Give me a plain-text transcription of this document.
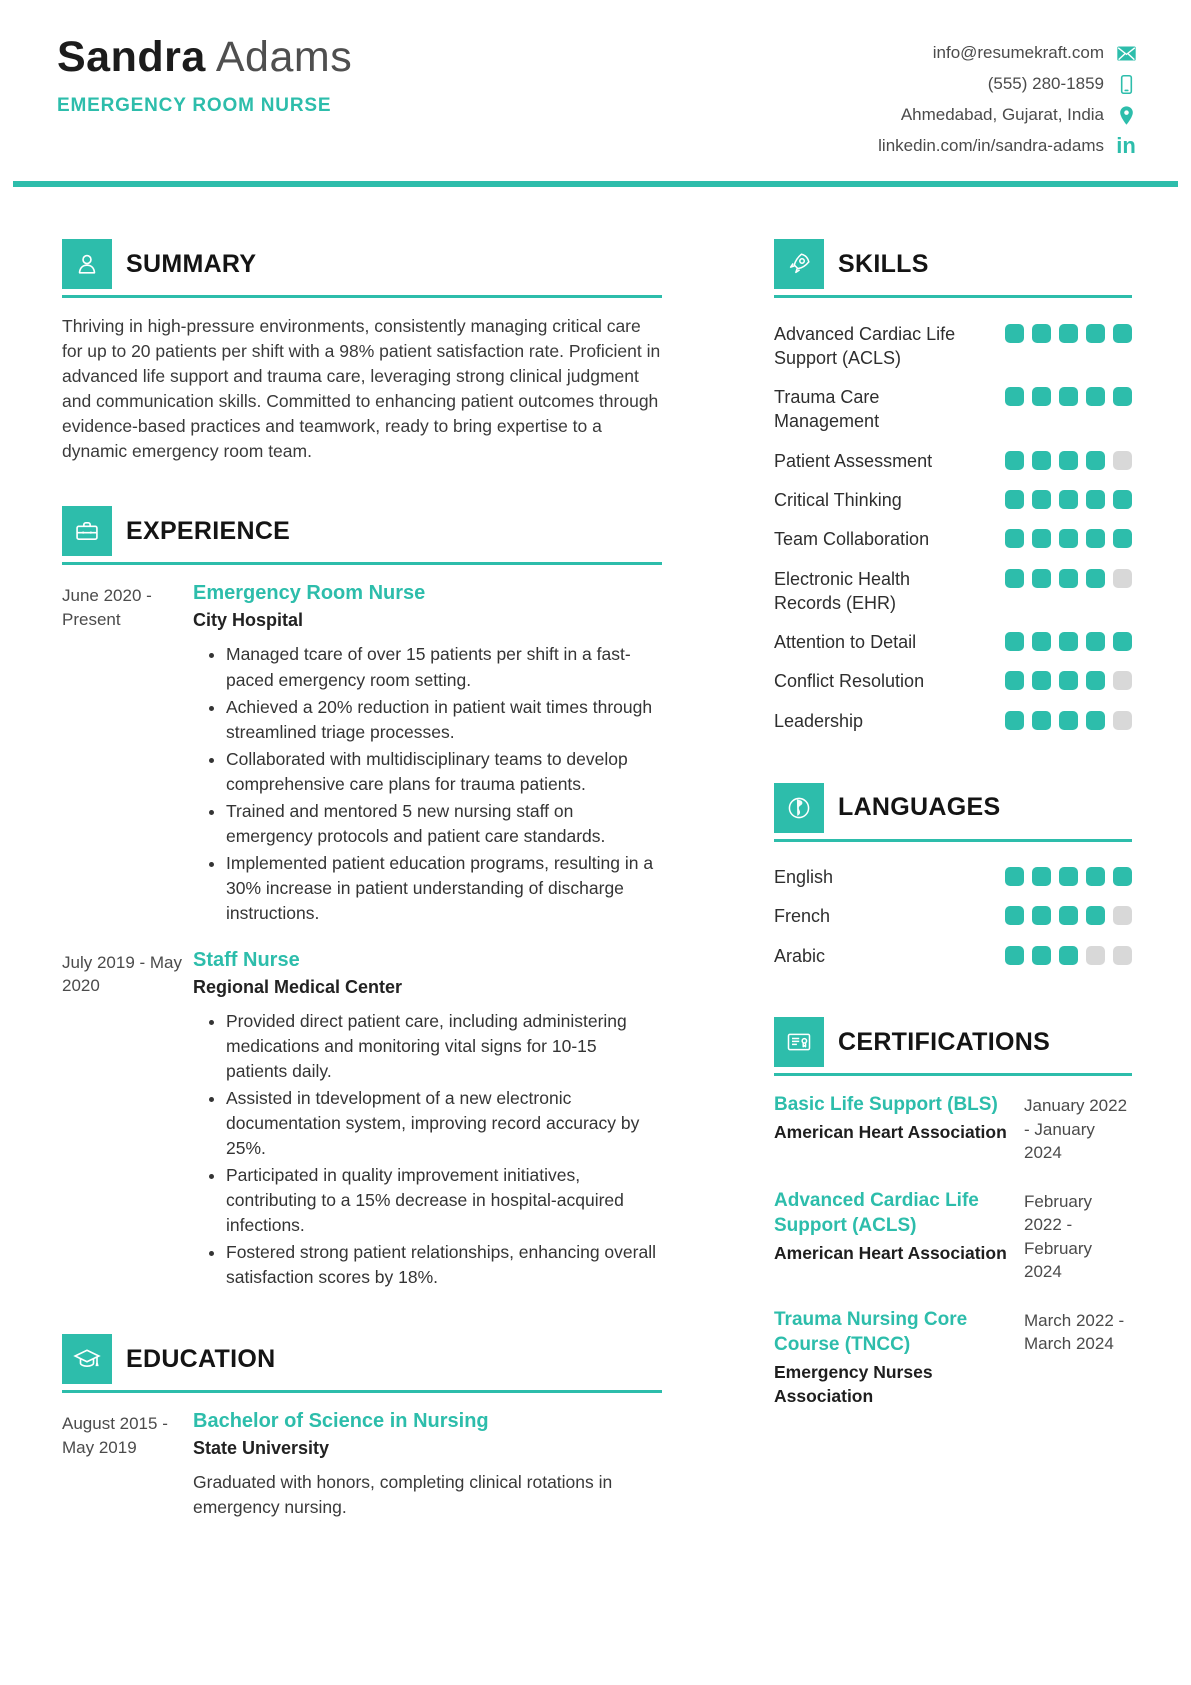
Sandra Adams
EMERGENCY ROOM NURSE
info@resumekraft.com
(555) 280-1859
Ahmedabad, Gujarat, India
linkedin.com/in/sandra-adams in
SUMMARY

Thriving in high-pressure environments, consistently managing critical care for up to 20 patients per shift with a 98% patient satisfaction rate. Proficient in advanced life support and trauma care, leveraging strong clinical judgment and communication skills. Committed to enhancing patient outcomes through evidence-based practices and teamwork, ready to bring expertise to a dynamic emergency room team.

EXPERIENCE
June 2020 - Present
Emergency Room Nurse
City Hospital
• Managed tcare of over 15 patients per shift in a fast-paced emergency room setting.
• Achieved a 20% reduction in patient wait times through streamlined triage processes.
• Collaborated with multidisciplinary teams to develop comprehensive care plans for trauma patients.
• Trained and mentored 5 new nursing staff on emergency protocols and patient care standards.
• Implemented patient education programs, resulting in a 30% increase in patient understanding of discharge instructions.
July 2019 - May 2020
Staff Nurse
Regional Medical Center
• Provided direct patient care, including administering medications and monitoring vital signs for 10-15 patients daily.
• Assisted in tdevelopment of a new electronic documentation system, improving record accuracy by 25%.
• Participated in quality improvement initiatives, contributing to a 15% decrease in hospital-acquired infections.
• Fostered strong patient relationships, enhancing overall satisfaction scores by 18%.
EDUCATION
August 2015 - May 2019
Bachelor of Science in Nursing
State University
Graduated with honors, completing clinical rotations in emergency nursing.
SKILLS
Advanced Cardiac Life Support (ACLS)
Trauma Care Management
Patient Assessment
Critical Thinking
Team Collaboration
Electronic Health Records (EHR)
Attention to Detail
Conflict Resolution
Leadership
LANGUAGES
English
French
Arabic
CERTIFICATIONS
Basic Life Support (BLS)
American Heart Association
January 2022 - January 2024
Advanced Cardiac Life Support (ACLS)
American Heart Association
February 2022 - February 2024
Trauma Nursing Core Course (TNCC)
Emergency Nurses Association
March 2022 - March 2024
